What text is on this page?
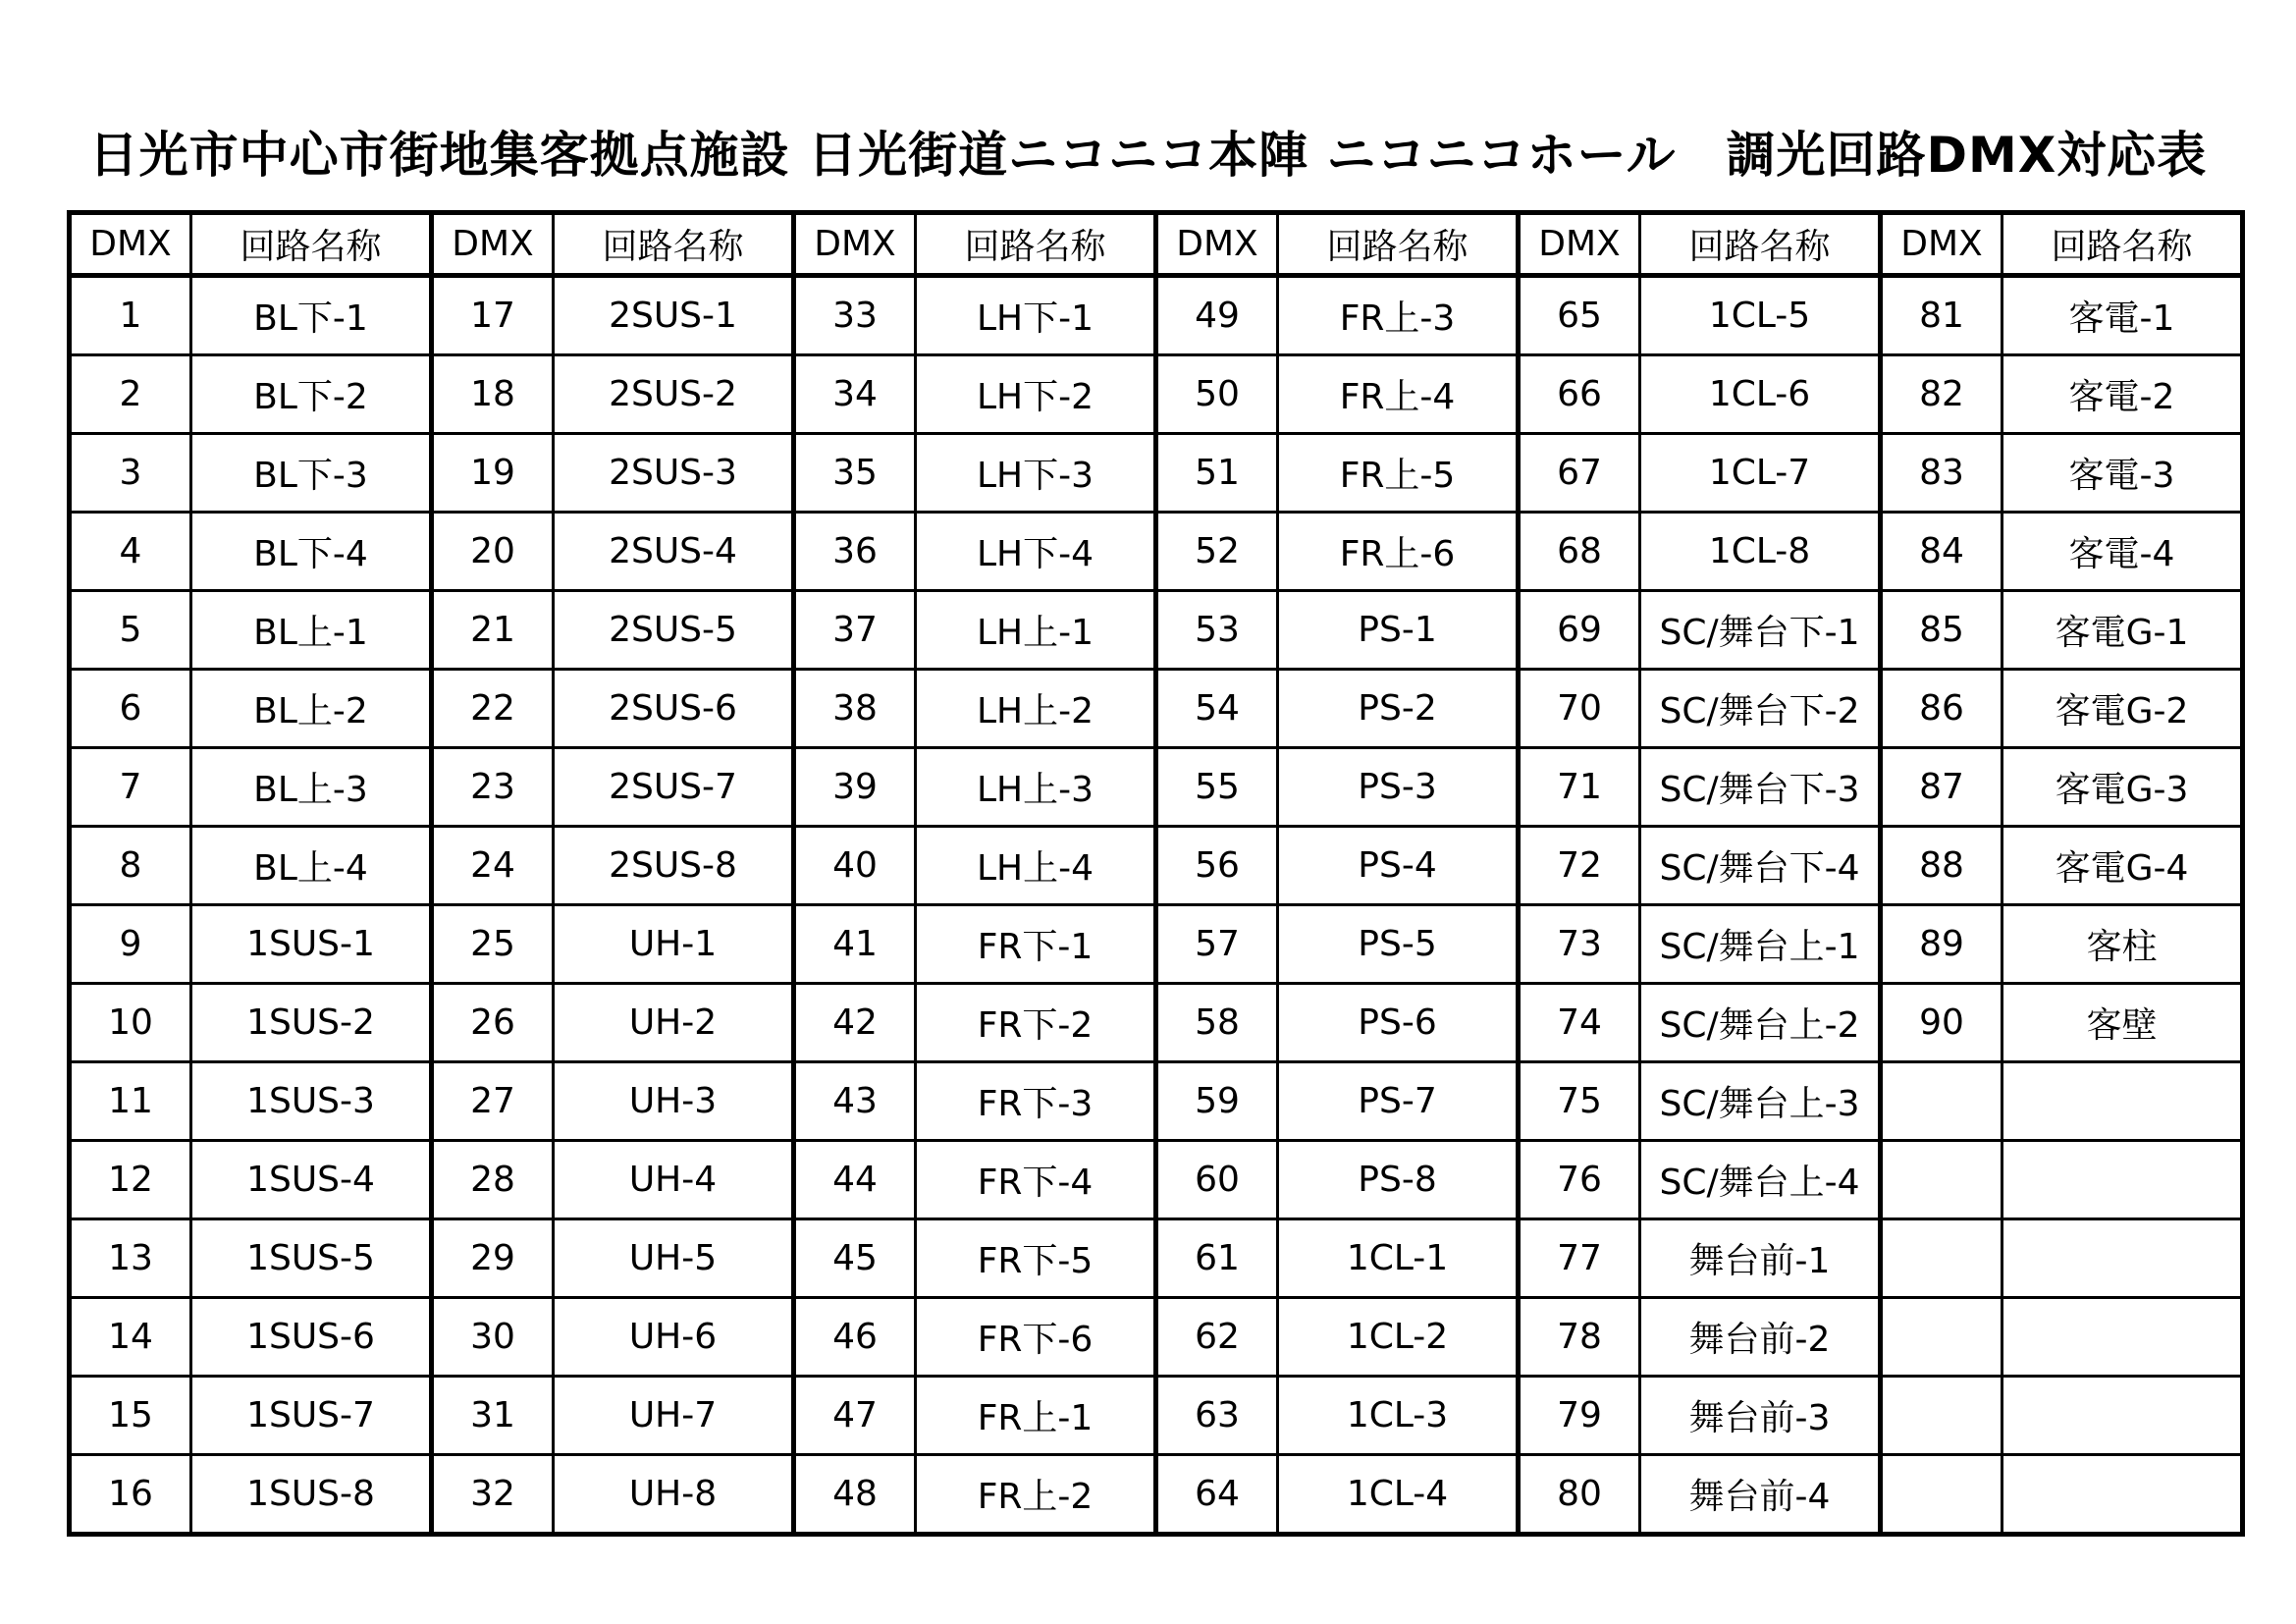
日光市中心市街地集客拠点施設 日光街道ニコニコ本陣 ニコニコホール　調光回路DMX対応表
DMX	回路名称	DMX	回路名称	DMX	回路名称	DMX	回路名称	DMX	回路名称	DMX	回路名称
1	BL下-1	17	2SUS-1	33	LH下-1	49	FR上-3	65	1CL-5	81	客電-1
2	BL下-2	18	2SUS-2	34	LH下-2	50	FR上-4	66	1CL-6	82	客電-2
3	BL下-3	19	2SUS-3	35	LH下-3	51	FR上-5	67	1CL-7	83	客電-3
4	BL下-4	20	2SUS-4	36	LH下-4	52	FR上-6	68	1CL-8	84	客電-4
5	BL上-1	21	2SUS-5	37	LH上-1	53	PS-1	69	SC/舞台下-1	85	客電G-1
6	BL上-2	22	2SUS-6	38	LH上-2	54	PS-2	70	SC/舞台下-2	86	客電G-2
7	BL上-3	23	2SUS-7	39	LH上-3	55	PS-3	71	SC/舞台下-3	87	客電G-3
8	BL上-4	24	2SUS-8	40	LH上-4	56	PS-4	72	SC/舞台下-4	88	客電G-4
9	1SUS-1	25	UH-1	41	FR下-1	57	PS-5	73	SC/舞台上-1	89	客柱
10	1SUS-2	26	UH-2	42	FR下-2	58	PS-6	74	SC/舞台上-2	90	客壁
11	1SUS-3	27	UH-3	43	FR下-3	59	PS-7	75	SC/舞台上-3		
12	1SUS-4	28	UH-4	44	FR下-4	60	PS-8	76	SC/舞台上-4		
13	1SUS-5	29	UH-5	45	FR下-5	61	1CL-1	77	舞台前-1		
14	1SUS-6	30	UH-6	46	FR下-6	62	1CL-2	78	舞台前-2		
15	1SUS-7	31	UH-7	47	FR上-1	63	1CL-3	79	舞台前-3		
16	1SUS-8	32	UH-8	48	FR上-2	64	1CL-4	80	舞台前-4		
